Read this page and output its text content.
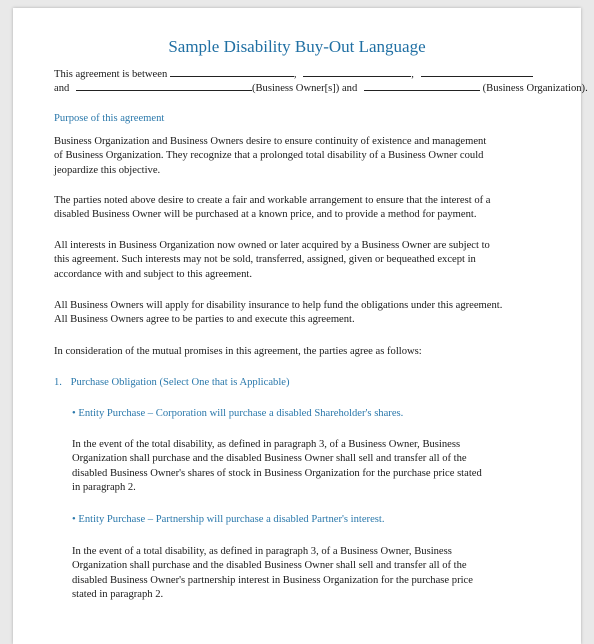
Sample Disability Buy-Out Language
This agreement is between	,	,
and	(Business Owner[s]) and	(Business Organization).
Purpose of this agreement
Business Organization and Business Owners desire to ensure continuity of existence and management
of Business Organization. They recognize that a prolonged total disability of a Business Owner could
jeopardize this objective.
The parties noted above desire to create a fair and workable arrangement to ensure that the interest of a
disabled Business Owner will be purchased at a known price, and to provide a method for payment.
All interests in Business Organization now owned or later acquired by a Business Owner are subject to
this agreement. Such interests may not be sold, transferred, assigned, given or bequeathed except in
accordance with and subject to this agreement.
All Business Owners will apply for disability insurance to help fund the obligations under this agreement.
All Business Owners agree to be parties to and execute this agreement.
In consideration of the mutual promises in this agreement, the parties agree as follows:
1. Purchase Obligation (Select One that is Applicable)
• Entity Purchase – Corporation will purchase a disabled Shareholder's shares.
In the event of the total disability, as defined in paragraph 3, of a Business Owner, Business
Organization shall purchase and the disabled Business Owner shall sell and transfer all of the
disabled Business Owner's shares of stock in Business Organization for the purchase price stated
in paragraph 2.
• Entity Purchase – Partnership will purchase a disabled Partner's interest.
In the event of a total disability, as defined in paragraph 3, of a Business Owner, Business
Organization shall purchase and the disabled Business Owner shall sell and transfer all of the
disabled Business Owner's partnership interest in Business Organization for the purchase price
stated in paragraph 2.
